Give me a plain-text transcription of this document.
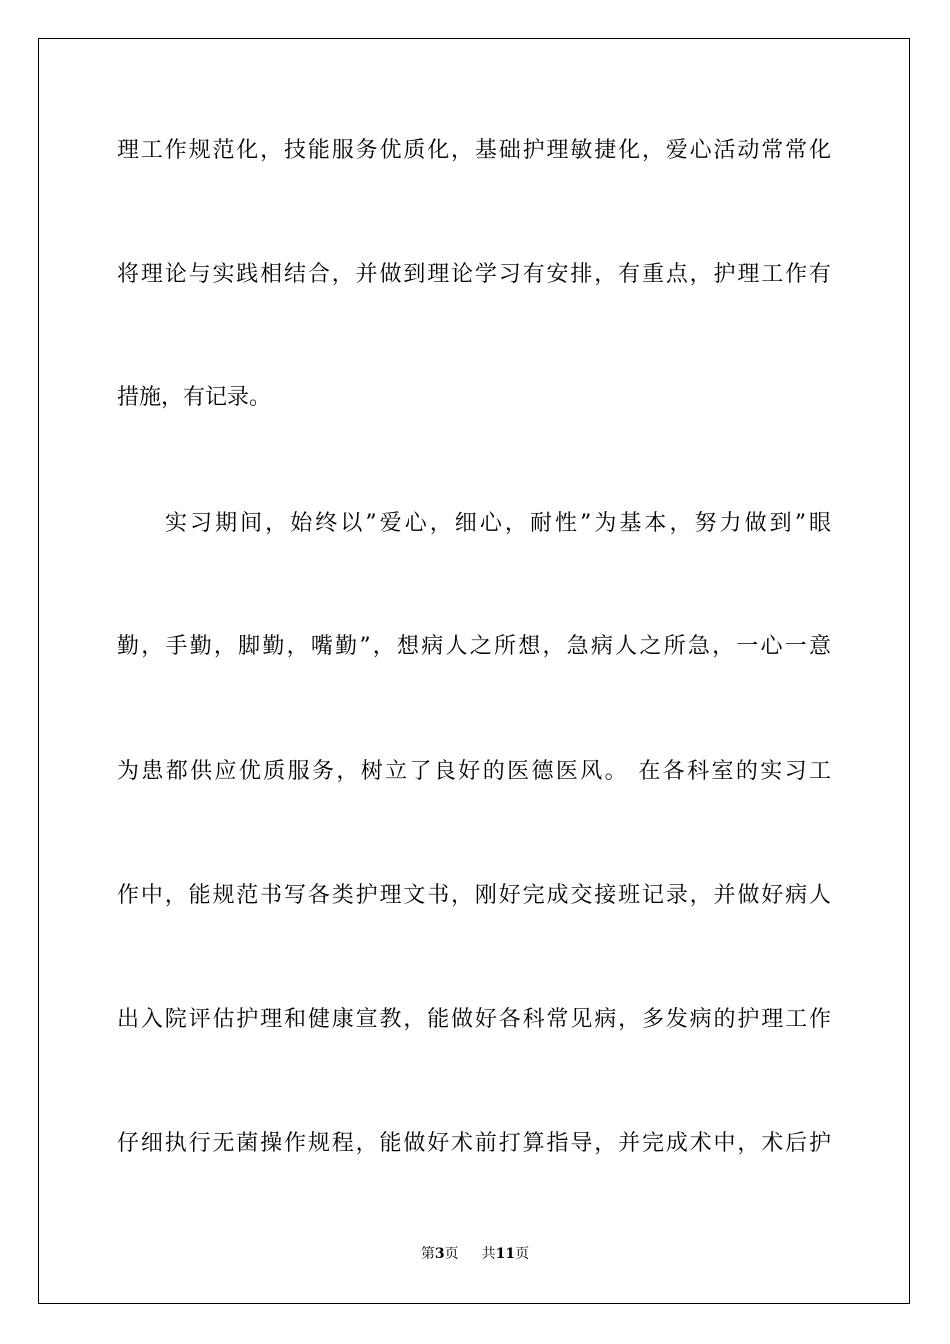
理工作规范化，技能服务优质化，基础护理敏捷化，爱心活动常常化
将理论与实践相结合，并做到理论学习有安排，有重点，护理工作有
措施，有记录。
实习期间，始终以”爱心，细心，耐性”为基本，努力做到”眼
勤，手勤，脚勤，嘴勤”，想病人之所想，急病人之所急，一心一意
为患都供应优质服务，树立了良好的医德医风。 在各科室的实习工
作中，能规范书写各类护理文书，刚好完成交接班记录，并做好病人
出入院评估护理和健康宣教，能做好各科常见病，多发病的护理工作
仔细执行无菌操作规程，能做好术前打算指导，并完成术中，术后护
第3页 共11页
